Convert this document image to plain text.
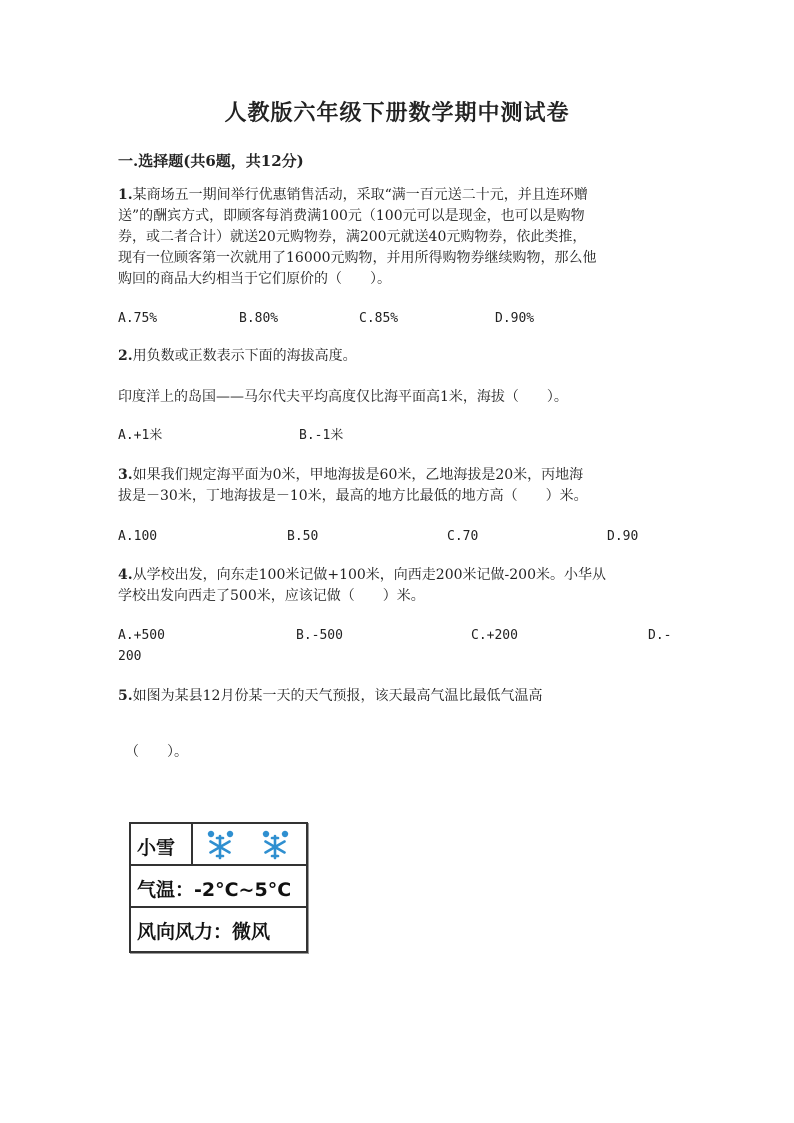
人教版六年级下册数学期中测试卷
一.选择题(共6题，共12分)
1.某商场五一期间举行优惠销售活动，采取“满一百元送二十元，并且连环赠
送”的酬宾方式，即顾客每消费满100元（100元可以是现金，也可以是购物
券，或二者合计）就送20元购物券，满200元就送40元购物券，依此类推，
现有一位顾客第一次就用了16000元购物，并用所得购物券继续购物，那么他
购回的商品大约相当于它们原价的（　　）。
A.75%	B.80%	C.85%	D.90%
2.用负数或正数表示下面的海拔高度。
印度洋上的岛国——马尔代夫平均高度仅比海平面高1米，海拔（　　）。
A.+1米	B.-1米
3.如果我们规定海平面为0米，甲地海拔是60米，乙地海拔是20米，丙地海
拔是－30米，丁地海拔是－10米，最高的地方比最低的地方高（　　）米。
A.100	B.50	C.70	D.90
4.从学校出发，向东走100米记做+100米，向西走200米记做-200米。小华从
学校出发向西走了500米，应该记做（　　）米。
A.+500	B.-500	C.+200	D.-
200
5.如图为某县12月份某一天的天气预报，该天最高气温比最低气温高
（　　）。
小雪
气温：-2°C~5°C
风向风力：微风
